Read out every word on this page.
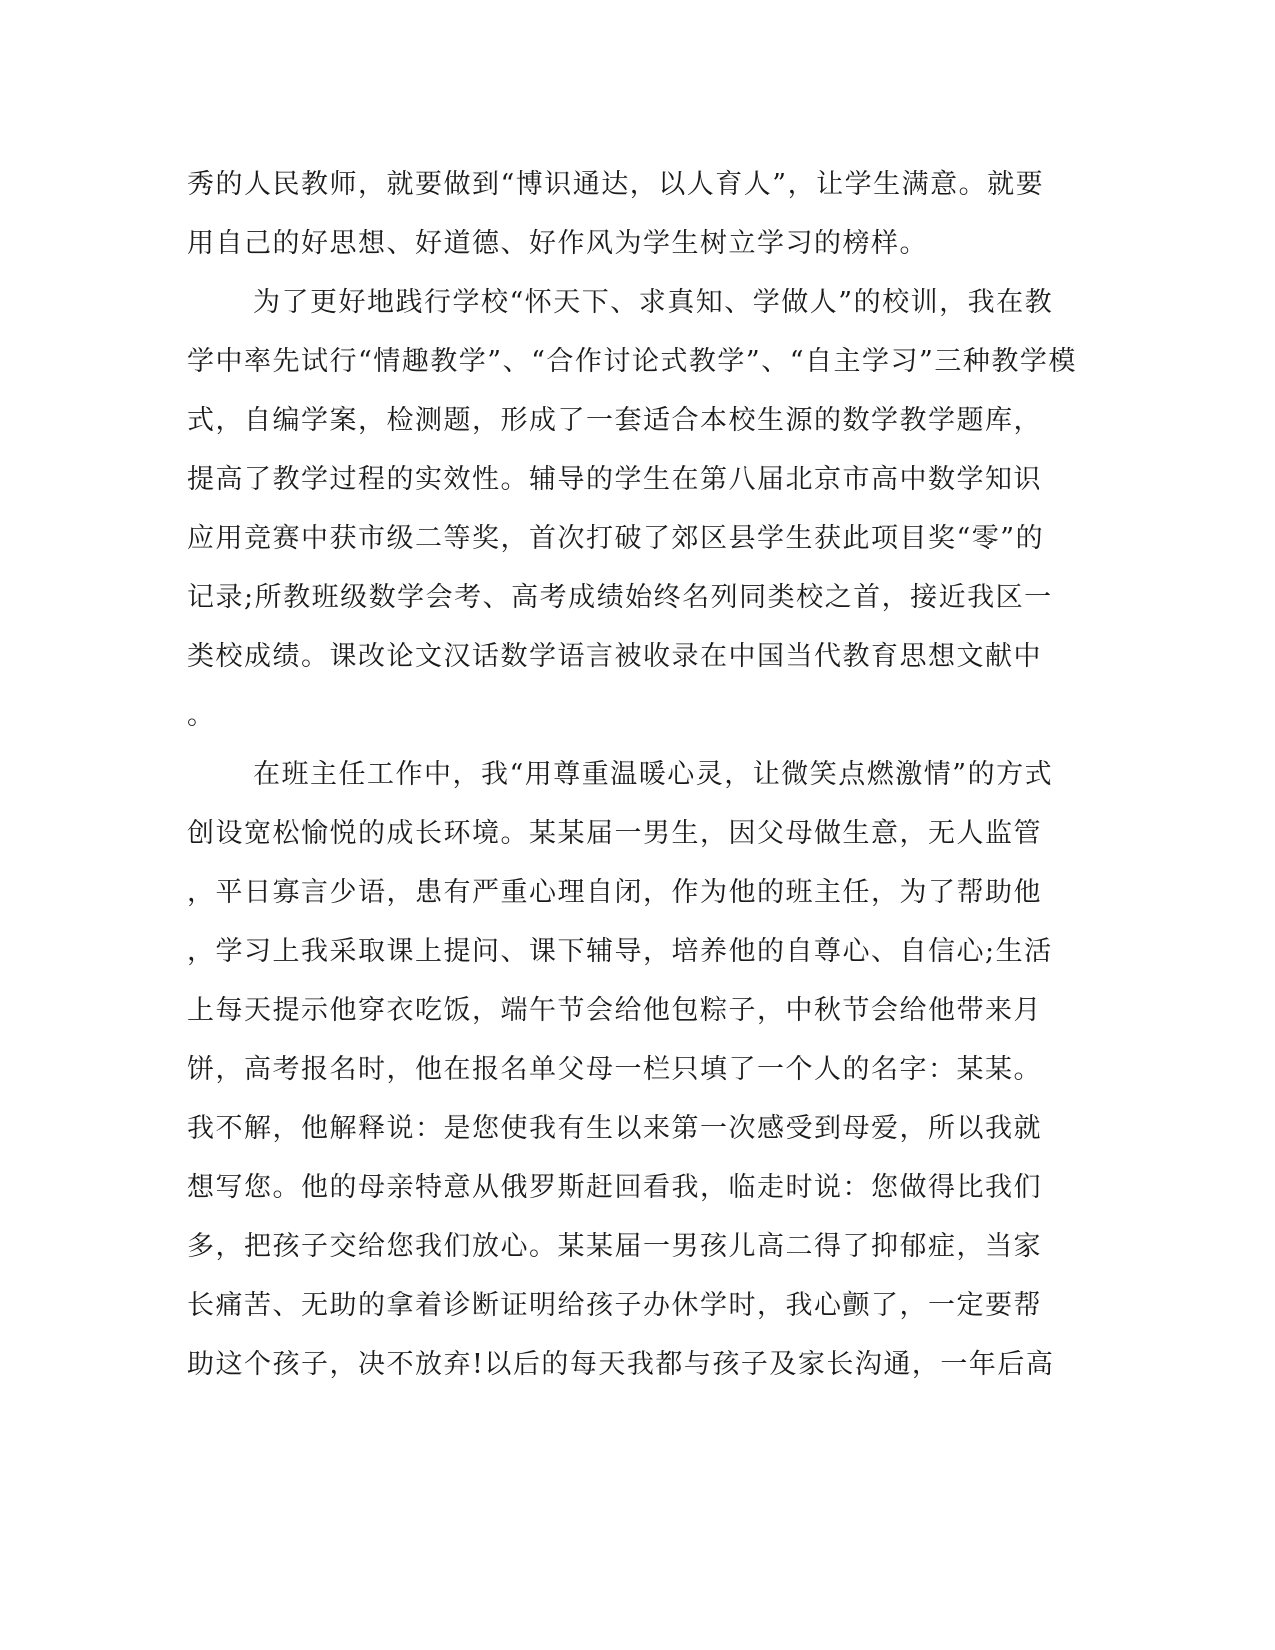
秀的人民教师，就要做到“博识通达，以人育人”，让学生满意。就要
用自己的好思想、好道德、好作风为学生树立学习的榜样。
为了更好地践行学校“怀天下、求真知、学做人”的校训，我在教
学中率先试行“情趣教学”、“合作讨论式教学”、“自主学习”三种教学模
式，自编学案，检测题，形成了一套适合本校生源的数学教学题库，
提高了教学过程的实效性。辅导的学生在第八届北京市高中数学知识
应用竞赛中获市级二等奖，首次打破了郊区县学生获此项目奖“零”的
记录;所教班级数学会考、高考成绩始终名列同类校之首，接近我区一
类校成绩。课改论文汉话数学语言被收录在中国当代教育思想文献中
。
在班主任工作中，我“用尊重温暖心灵，让微笑点燃激情”的方式
创设宽松愉悦的成长环境。某某届一男生，因父母做生意，无人监管
，平日寡言少语，患有严重心理自闭，作为他的班主任，为了帮助他
，学习上我采取课上提问、课下辅导，培养他的自尊心、自信心;生活
上每天提示他穿衣吃饭，端午节会给他包粽子，中秋节会给他带来月
饼，高考报名时，他在报名单父母一栏只填了一个人的名字：某某。
我不解，他解释说：是您使我有生以来第一次感受到母爱，所以我就
想写您。他的母亲特意从俄罗斯赶回看我，临走时说：您做得比我们
多，把孩子交给您我们放心。某某届一男孩儿高二得了抑郁症，当家
长痛苦、无助的拿着诊断证明给孩子办休学时，我心颤了，一定要帮
助这个孩子，决不放弃!以后的每天我都与孩子及家长沟通，一年后高
